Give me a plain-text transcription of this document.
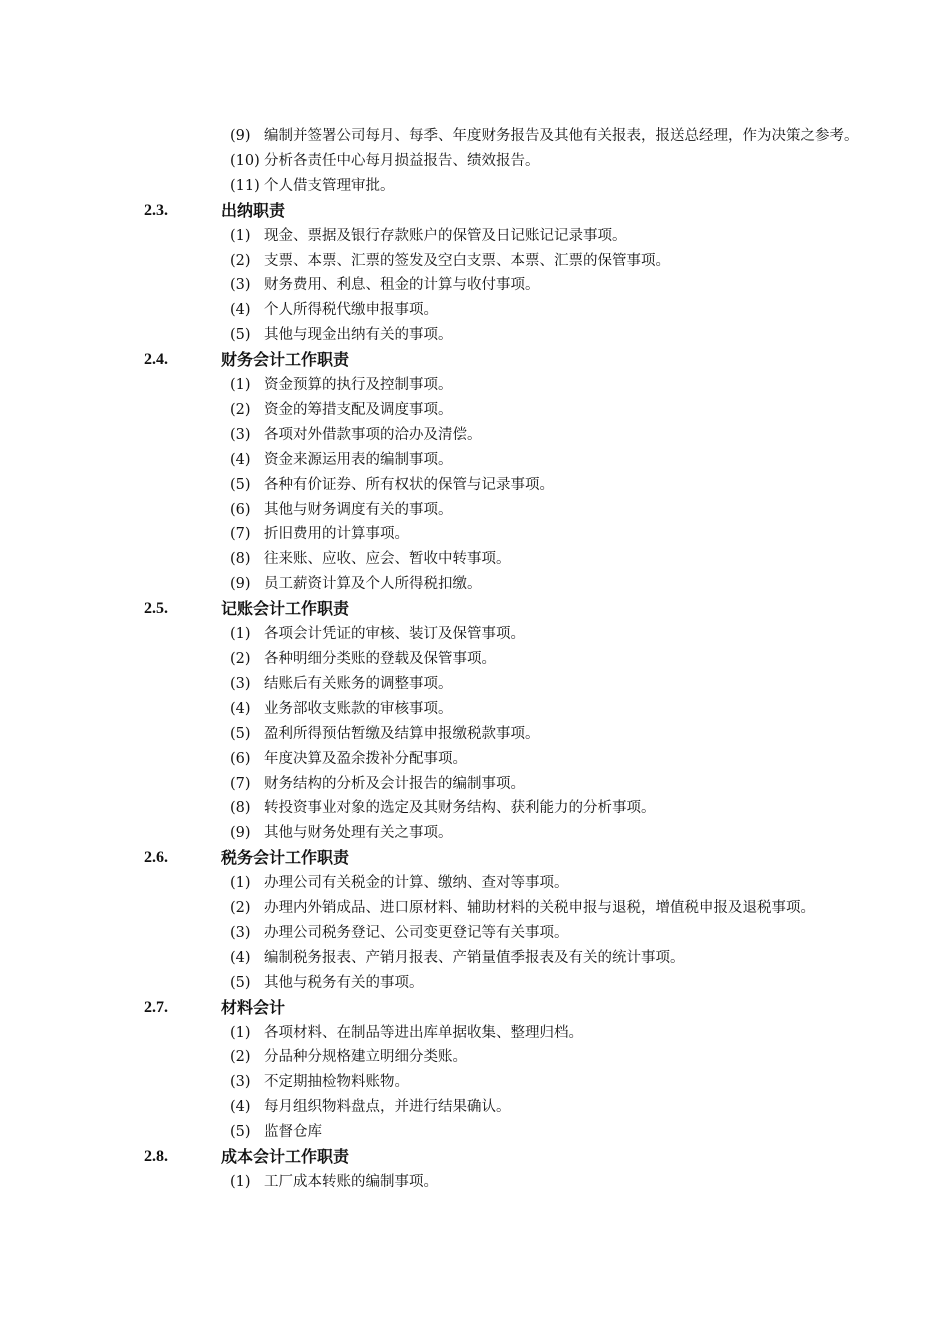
(9) 编制并签署公司每月、每季、年度财务报告及其他有关报表，报送总经理，作为决策之参考。
(10) 分析各责任中心每月损益报告、绩效报告。
(11) 个人借支管理审批。
2.3.	出纳职责
(1) 现金、票据及银行存款账户的保管及日记账记记录事项。
(2) 支票、本票、汇票的签发及空白支票、本票、汇票的保管事项。
(3) 财务费用、利息、租金的计算与收付事项。
(4) 个人所得税代缴申报事项。
(5) 其他与现金出纳有关的事项。
2.4.	财务会计工作职责
(1) 资金预算的执行及控制事项。
(2) 资金的筹措支配及调度事项。
(3) 各项对外借款事项的洽办及清偿。
(4) 资金来源运用表的编制事项。
(5) 各种有价证券、所有权状的保管与记录事项。
(6) 其他与财务调度有关的事项。
(7) 折旧费用的计算事项。
(8) 往来账、应收、应会、暂收中转事项。
(9) 员工薪资计算及个人所得税扣缴。
2.5.	记账会计工作职责
(1) 各项会计凭证的审核、装订及保管事项。
(2) 各种明细分类账的登载及保管事项。
(3) 结账后有关账务的调整事项。
(4) 业务部收支账款的审核事项。
(5) 盈利所得预估暂缴及结算申报缴税款事项。
(6) 年度决算及盈余拨补分配事项。
(7) 财务结构的分析及会计报告的编制事项。
(8) 转投资事业对象的选定及其财务结构、获利能力的分析事项。
(9) 其他与财务处理有关之事项。
2.6.	税务会计工作职责
(1) 办理公司有关税金的计算、缴纳、查对等事项。
(2) 办理内外销成品、进口原材料、辅助材料的关税申报与退税，增值税申报及退税事项。
(3) 办理公司税务登记、公司变更登记等有关事项。
(4) 编制税务报表、产销月报表、产销量值季报表及有关的统计事项。
(5) 其他与税务有关的事项。
2.7.	材料会计
(1) 各项材料、在制品等进出库单据收集、整理归档。
(2) 分品种分规格建立明细分类账。
(3) 不定期抽检物料账物。
(4) 每月组织物料盘点，并进行结果确认。
(5) 监督仓库
2.8.	成本会计工作职责
(1) 工厂成本转账的编制事项。
